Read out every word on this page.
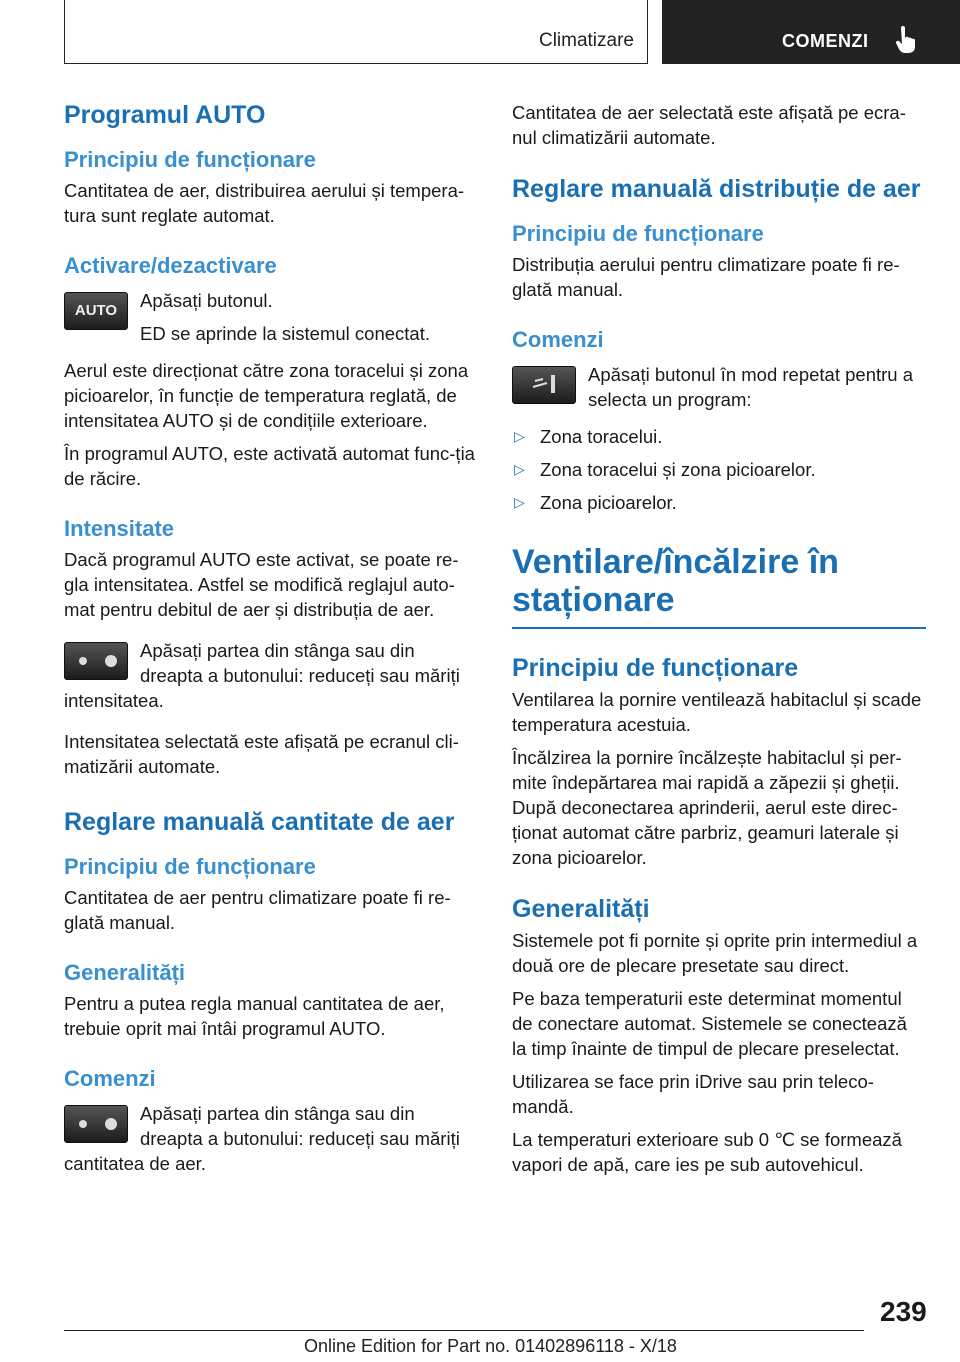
Climatizare	COMENZI
Programul AUTO
Principiu de funcționare

Cantitatea de aer, distribuirea aerului și tempera‐tura sunt reglate automat.

Activare/dezactivare
AUTO	Apăsați butonul.

ED se aprinde la sistemul conectat.

Aerul este direcționat către zona toracelui și zona picioarelor, în funcție de temperatura reglată, de intensitatea AUTO și de condițiile exterioare.

În programul AUTO, este activată automat func‐ția de răcire.

Intensitate

Dacă programul AUTO este activat, se poate re‐gla intensitatea. Astfel se modifică reglajul auto‐mat pentru debitul de aer și distribuția de aer.

Apăsați partea din stânga sau din dreapta a butonului: reduceți sau măriți intensitatea.

Intensitatea selectată este afișată pe ecranul cli‐matizării automate.

Reglare manuală cantitate de aer
Principiu de funcționare

Cantitatea de aer pentru climatizare poate fi re‐glată manual.

Generalități

Pentru a putea regla manual cantitatea de aer, trebuie oprit mai întâi programul AUTO.

Comenzi

Apăsați partea din stânga sau din dreapta a butonului: reduceți sau măriți cantitatea de aer.

Cantitatea de aer selectată este afișată pe ecra‐nul climatizării automate.

Reglare manuală distribuție de aer
Principiu de funcționare

Distribuția aerului pentru climatizare poate fi re‐glată manual.

Comenzi

Apăsați butonul în mod repetat pentru a selecta un program:

▷ Zona toracelui.
▷ Zona toracelui și zona picioarelor.
▷ Zona picioarelor.
Ventilare/încălzire în staționare
Principiu de funcționare

Ventilarea la pornire ventilează habitaclul și scade temperatura acestuia.

Încălzirea la pornire încălzește habitaclul și per‐mite îndepărtarea mai rapidă a zăpezii și gheții. După deconectarea aprinderii, aerul este direc‐ționat automat către parbriz, geamuri laterale și zona picioarelor.

Generalități

Sistemele pot fi pornite și oprite prin intermediul a două ore de plecare presetate sau direct.

Pe baza temperaturii este determinat momentul de conectare automat. Sistemele se conectează la timp înainte de timpul de plecare preselectat.

Utilizarea se face prin iDrive sau prin teleco‐mandă.

La temperaturi exterioare sub 0 ℃ se formează vapori de apă, care ies pe sub autovehicul.

239
Online Edition for Part no. 01402896118 - X/18
